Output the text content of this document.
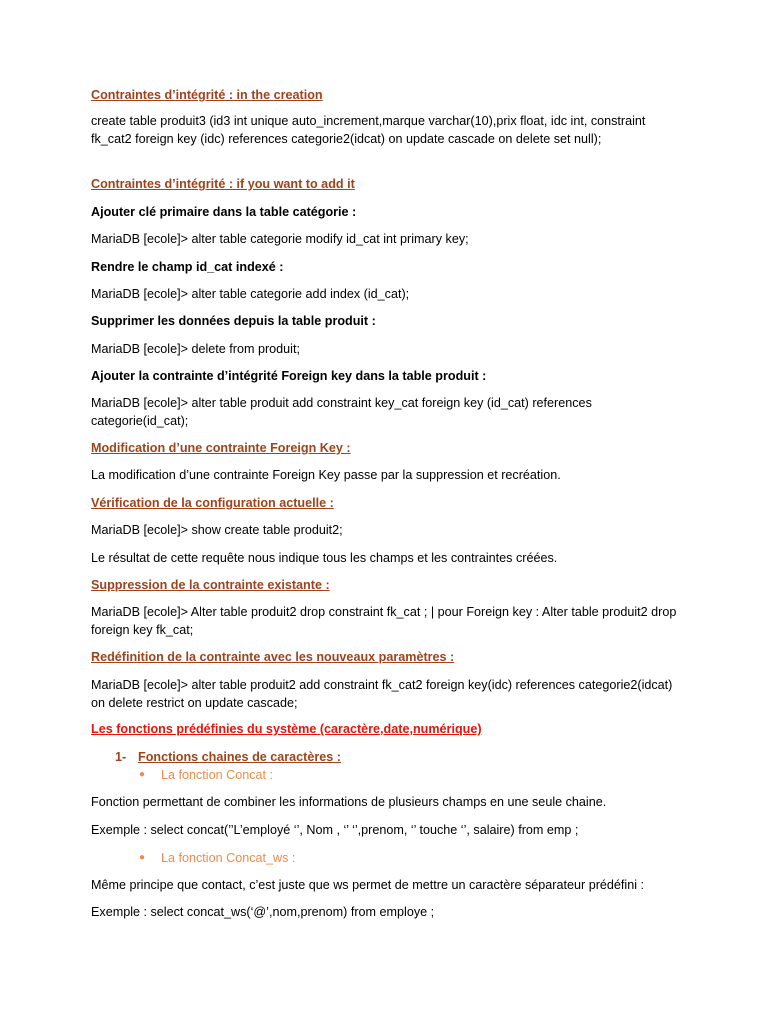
Contraintes d’intégrité : in the creation

create table produit3 (id3 int unique auto_increment,marque varchar(10),prix float, idc int, constraint fk_cat2 foreign key (idc) references categorie2(idcat) on update cascade on delete set null);

Contraintes d’intégrité : if you want to add it

Ajouter clé primaire dans la table catégorie :

MariaDB [ecole]> alter table categorie modify id_cat int primary key;

Rendre le champ id_cat indexé :

MariaDB [ecole]> alter table categorie add index (id_cat);

Supprimer les données depuis la table produit :

MariaDB [ecole]> delete from produit;

Ajouter la contrainte d’intégrité Foreign key dans la table produit :

MariaDB [ecole]> alter table produit add constraint key_cat foreign key (id_cat) references categorie(id_cat);

Modification d’une contrainte Foreign Key :

La modification d’une contrainte Foreign Key passe par la suppression et recréation.

Vérification de la configuration actuelle :

MariaDB [ecole]> show create table produit2;

Le résultat de cette requête nous indique tous les champs et les contraintes créées.

Suppression de la contrainte existante :

MariaDB [ecole]> Alter table produit2 drop constraint fk_cat ; | pour Foreign key : Alter table produit2 drop foreign key fk_cat;

Redéfinition de la contrainte avec les nouveaux paramètres :

MariaDB [ecole]> alter table produit2 add constraint fk_cat2 foreign key(idc) references categorie2(idcat) on delete restrict on update cascade;

Les fonctions prédéfinies du système (caractère,date,numérique)

1- Fonctions chaines de caractères :
● La fonction Concat :

Fonction permettant de combiner les informations de plusieurs champs en une seule chaine.

Exemple : select concat(’’L’employé ‘’, Nom , ‘’ ‘’,prenom, ‘’ touche ‘’, salaire) from emp ;

● La fonction Concat_ws :

Même principe que contact, c’est juste que ws permet de mettre un caractère séparateur prédéfini :

Exemple : select concat_ws(‘@’,nom,prenom) from employe ;
